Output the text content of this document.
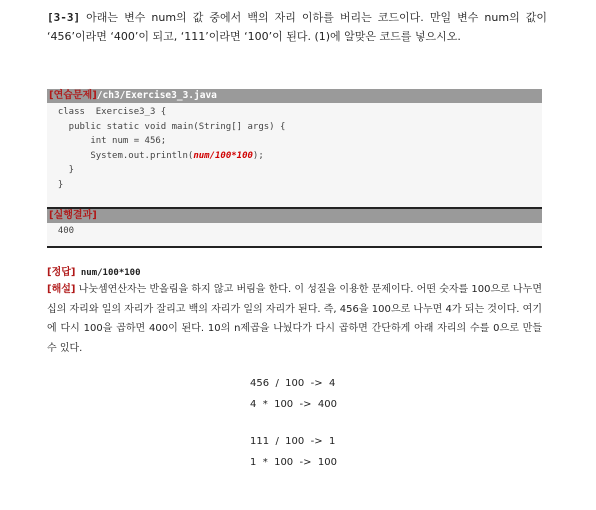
[3-3] 아래는 변수 num의 값 중에서 백의 자리 이하를 버리는 코드이다. 만일 변수 num의 값이 ‘456’이라면 ‘400’이 되고, ‘111’이라면 ‘100’이 된다. (1)에 알맞은 코드를 넣으시오.
[연습문제]/ch3/Exercise3_3.java
class  Exercise3_3 {
public static void main(String[] args) {
int num = 456;
System.out.println(num/100*100);
}
}
[실행결과]
400
[정답] num/100*100
[해설] 나눗셈연산자는 반올림을 하지 않고 버림을 한다. 이 성질을 이용한 문제이다. 어떤 숫자를 100으로 나누면 십의 자리와 일의 자리가 잘리고 백의 자리가 일의 자리가 된다. 즉, 456을 100으로 나누면 4가 되는 것이다. 여기에 다시 100을 곱하면 400이 된다. 10의 n제곱을 나눴다가 다시 곱하면 간단하게 아래 자리의 수를 0으로 만들 수 있다.
456  /  100  ->  4
4  *  100  ->  400
111  /  100  ->  1
1  *  100  ->  100
